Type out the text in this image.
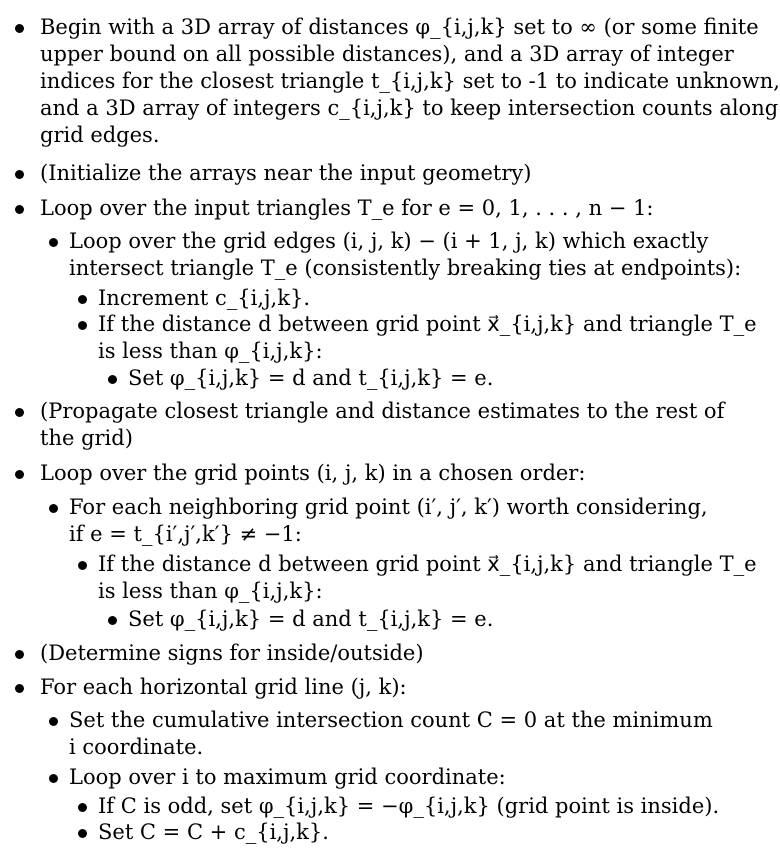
Begin with a 3D array of distances φ_{i,j,k} set to ∞ (or some finite
upper bound on all possible distances), and a 3D array of integer
indices for the closest triangle t_{i,j,k} set to -1 to indicate unknown,
and a 3D array of integers c_{i,j,k} to keep intersection counts along
grid edges.
(Initialize the arrays near the input geometry)
Loop over the input triangles T_e for e = 0, 1, . . . , n − 1:
Loop over the grid edges (i, j, k) − (i + 1, j, k) which exactly
intersect triangle T_e (consistently breaking ties at endpoints):
Increment c_{i,j,k}.
If the distance d between grid point x⃗_{i,j,k} and triangle T_e
is less than φ_{i,j,k}:
Set φ_{i,j,k} = d and t_{i,j,k} = e.
(Propagate closest triangle and distance estimates to the rest of
the grid)
Loop over the grid points (i, j, k) in a chosen order:
For each neighboring grid point (i′, j′, k′) worth considering,
if e = t_{i′,j′,k′} ≠ −1:
If the distance d between grid point x⃗_{i,j,k} and triangle T_e
is less than φ_{i,j,k}:
Set φ_{i,j,k} = d and t_{i,j,k} = e.
(Determine signs for inside/outside)
For each horizontal grid line (j, k):
Set the cumulative intersection count C = 0 at the minimum
i coordinate.
Loop over i to maximum grid coordinate:
If C is odd, set φ_{i,j,k} = −φ_{i,j,k} (grid point is inside).
Set C = C + c_{i,j,k}.
